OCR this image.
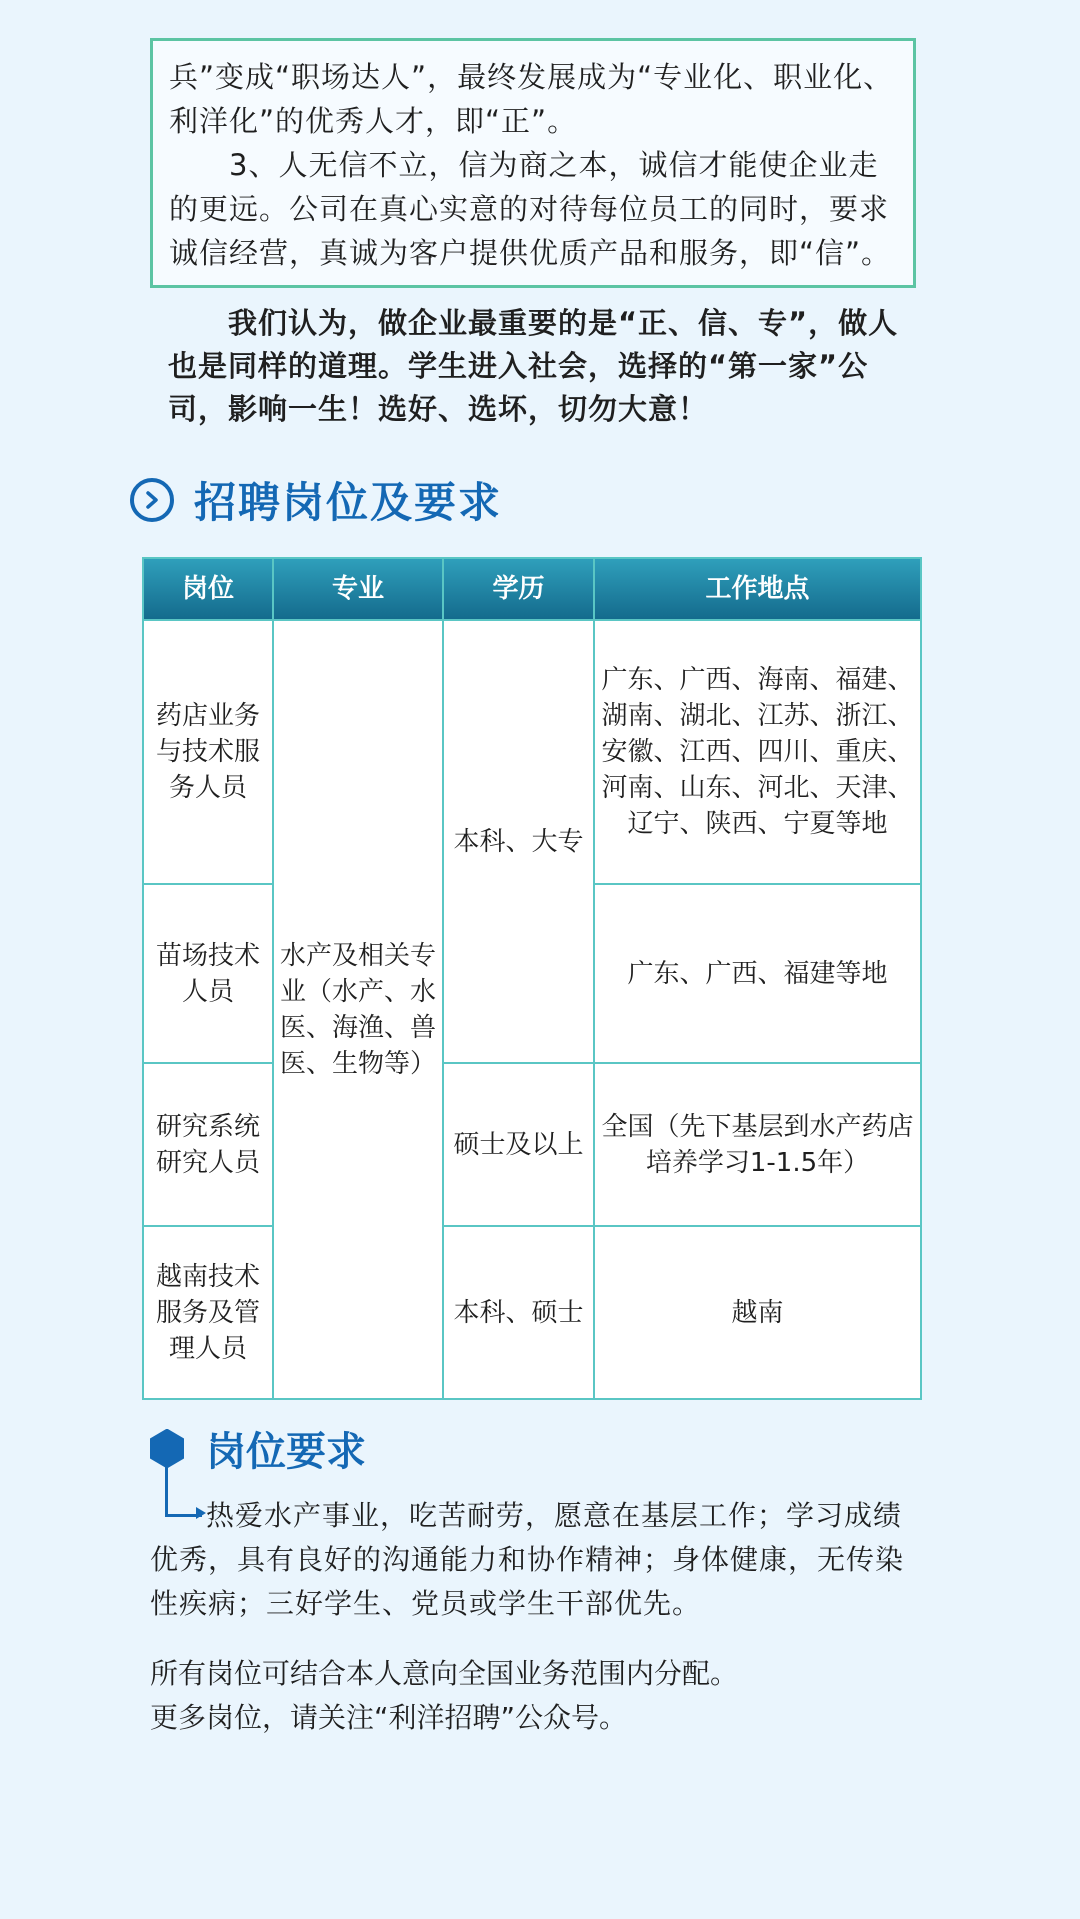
兵”变成“职场达人”，最终发展成为“专业化、职业化、利洋化”的优秀人才，即“正”。

3、人无信不立，信为商之本，诚信才能使企业走的更远。公司在真心实意的对待每位员工的同时，要求诚信经营，真诚为客户提供优质产品和服务，即“信”。

我们认为，做企业最重要的是“正、信、专”，做人也是同样的道理。学生进入社会，选择的“第一家”公司，影响一生！选好、选坏，切勿大意！

招聘岗位及要求
岗位	专业	学历	工作地点
药店业务与技术服务人员	水产及相关专业（水产、水医、海渔、兽医、生物等）	本科、大专	广东、广西、海南、福建、湖南、湖北、江苏、浙江、安徽、江西、四川、重庆、河南、山东、河北、天津、辽宁、陕西、宁夏等地
苗场技术人员			广东、广西、福建等地
研究系统研究人员		硕士及以上	全国（先下基层到水产药店培养学习1-1.5年）
越南技术服务及管理人员		本科、硕士	越南
岗位要求

热爱水产事业，吃苦耐劳，愿意在基层工作；学习成绩优秀，具有良好的沟通能力和协作精神；身体健康，无传染性疾病；三好学生、党员或学生干部优先。

所有岗位可结合本人意向全国业务范围内分配。

更多岗位，请关注“利洋招聘”公众号。
